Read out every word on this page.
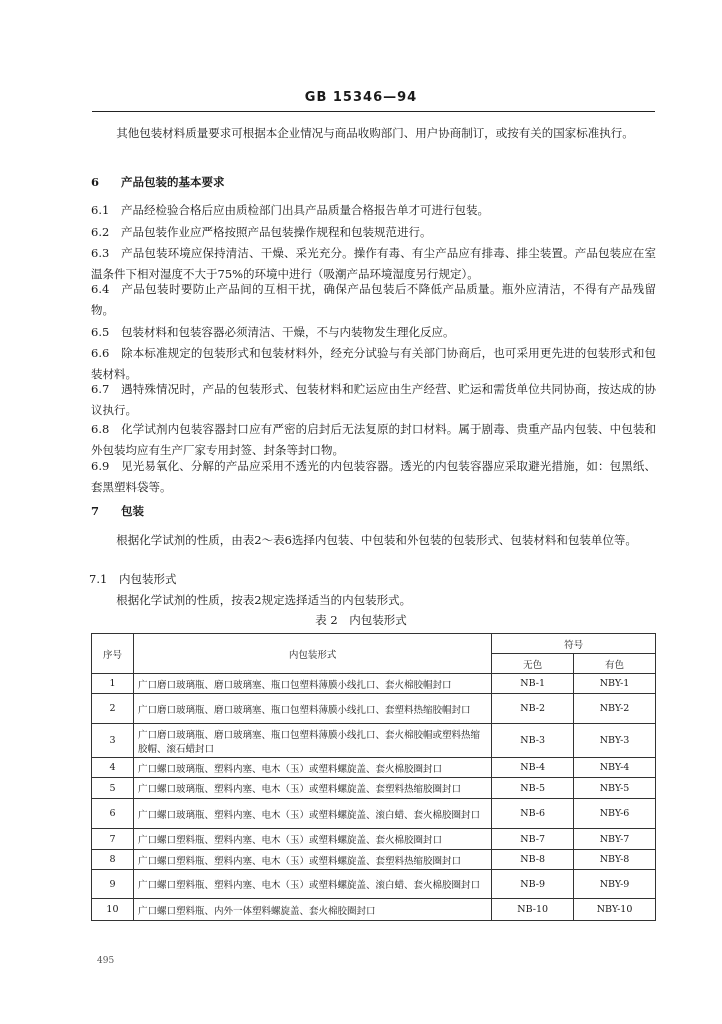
GB 15346—94
其他包装材料质量要求可根据本企业情况与商品收购部门、用户协商制订，或按有关的国家标准执行。
6 产品包装的基本要求
6.1 产品经检验合格后应由质检部门出具产品质量合格报告单才可进行包装。
6.2 产品包装作业应严格按照产品包装操作规程和包装规范进行。
6.3 产品包装环境应保持清洁、干燥、采光充分。操作有毒、有尘产品应有排毒、排尘装置。产品包装应在室温条件下相对湿度不大于75%的环境中进行（吸潮产品环境湿度另行规定）。
6.4 产品包装时要防止产品间的互相干扰，确保产品包装后不降低产品质量。瓶外应清洁，不得有产品残留物。
6.5 包装材料和包装容器必须清洁、干燥，不与内装物发生理化反应。
6.6 除本标准规定的包装形式和包装材料外，经充分试验与有关部门协商后，也可采用更先进的包装形式和包装材料。
6.7 遇特殊情况时，产品的包装形式、包装材料和贮运应由生产经营、贮运和需货单位共同协商，按达成的协议执行。
6.8 化学试剂内包装容器封口应有严密的启封后无法复原的封口材料。属于剧毒、贵重产品内包装、中包装和外包装均应有生产厂家专用封签、封条等封口物。
6.9 见光易氧化、分解的产品应采用不透光的内包装容器。透光的内包装容器应采取避光措施，如：包黑纸、套黑塑料袋等。
7 包装
根据化学试剂的性质，由表2～表6选择内包装、中包装和外包装的包装形式、包装材料和包装单位等。
7.1 内包装形式
根据化学试剂的性质，按表2规定选择适当的内包装形式。
表 2　内包装形式
序号	内包装形式	符号	
		无色	有色
1	广口磨口玻璃瓶、磨口玻璃塞、瓶口包塑料薄膜小线扎口、套火棉胶帽封口	NB-1	NBY-1
2	广口磨口玻璃瓶、磨口玻璃塞、瓶口包塑料薄膜小线扎口、套塑料热缩胶帽封口	NB-2	NBY-2
3	广口磨口玻璃瓶、磨口玻璃塞、瓶口包塑料薄膜小线扎口、套火棉胶帽或塑料热缩胶帽、滚石蜡封口	NB-3	NBY-3
4	广口螺口玻璃瓶、塑料内塞、电木（玉）或塑料螺旋盖、套火棉胶圈封口	NB-4	NBY-4
5	广口螺口玻璃瓶、塑料内塞、电木（玉）或塑料螺旋盖、套塑料热缩胶圈封口	NB-5	NBY-5
6	广口螺口玻璃瓶、塑料内塞、电木（玉）或塑料螺旋盖、滚白蜡、套火棉胶圈封口	NB-6	NBY-6
7	广口螺口塑料瓶、塑料内塞、电木（玉）或塑料螺旋盖、套火棉胶圈封口	NB-7	NBY-7
8	广口螺口塑料瓶、塑料内塞、电木（玉）或塑料螺旋盖、套塑料热缩胶圈封口	NB-8	NBY-8
9	广口螺口塑料瓶、塑料内塞、电木（玉）或塑料螺旋盖、滚白蜡、套火棉胶圈封口	NB-9	NBY-9
10	广口螺口塑料瓶、内外一体塑料螺旋盖、套火棉胶圈封口	NB-10	NBY-10
495
